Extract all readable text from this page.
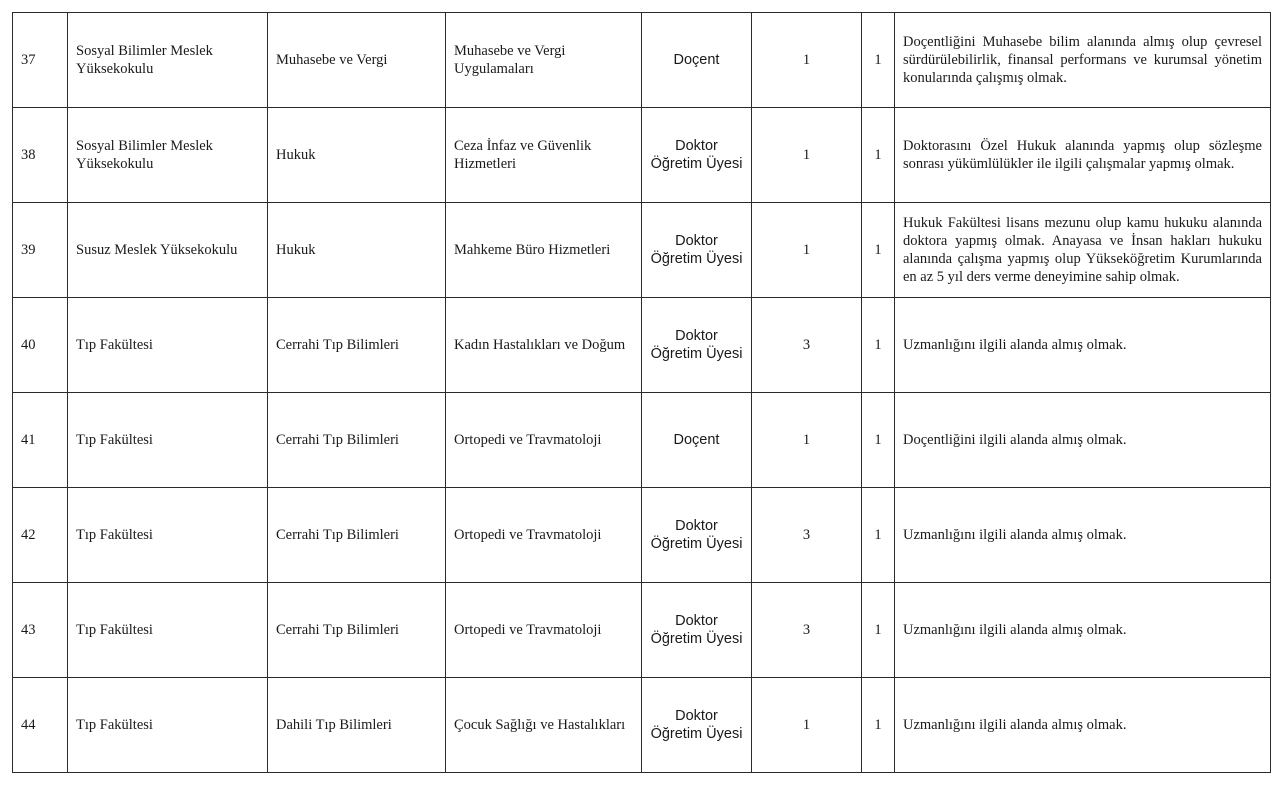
37	Sosyal Bilimler Meslek Yüksekokulu	Muhasebe ve Vergi	Muhasebe ve Vergi Uygulamaları	Doçent	1	1	Doçentliğini Muhasebe bilim alanında almış olup çevresel sürdürülebilirlik, finansal performans ve kurumsal yönetim konularında çalışmış olmak.

38	Sosyal Bilimler Meslek Yüksekokulu	Hukuk	Ceza İnfaz ve Güvenlik Hizmetleri	Doktor Öğretim Üyesi	1	1	Doktorasını Özel Hukuk alanında yapmış olup sözleşme sonrası yükümlülükler ile ilgili çalışmalar yapmış olmak.

39	Susuz Meslek Yüksekokulu	Hukuk	Mahkeme Büro Hizmetleri	Doktor Öğretim Üyesi	1	1	Hukuk Fakültesi lisans mezunu olup kamu hukuku alanında doktora yapmış olmak. Anayasa ve İnsan hakları hukuku alanında çalışma yapmış olup Yükseköğretim Kurumlarında en az 5 yıl ders verme deneyimine sahip olmak.

40	Tıp Fakültesi	Cerrahi Tıp Bilimleri	Kadın Hastalıkları ve Doğum	Doktor Öğretim Üyesi	3	1	Uzmanlığını ilgili alanda almış olmak.

41	Tıp Fakültesi	Cerrahi Tıp Bilimleri	Ortopedi ve Travmatoloji	Doçent	1	1	Doçentliğini ilgili alanda almış olmak.

42	Tıp Fakültesi	Cerrahi Tıp Bilimleri	Ortopedi ve Travmatoloji	Doktor Öğretim Üyesi	3	1	Uzmanlığını ilgili alanda almış olmak.

43	Tıp Fakültesi	Cerrahi Tıp Bilimleri	Ortopedi ve Travmatoloji	Doktor Öğretim Üyesi	3	1	Uzmanlığını ilgili alanda almış olmak.

44	Tıp Fakültesi	Dahili Tıp Bilimleri	Çocuk Sağlığı ve Hastalıkları	Doktor Öğretim Üyesi	1	1	Uzmanlığını ilgili alanda almış olmak.
